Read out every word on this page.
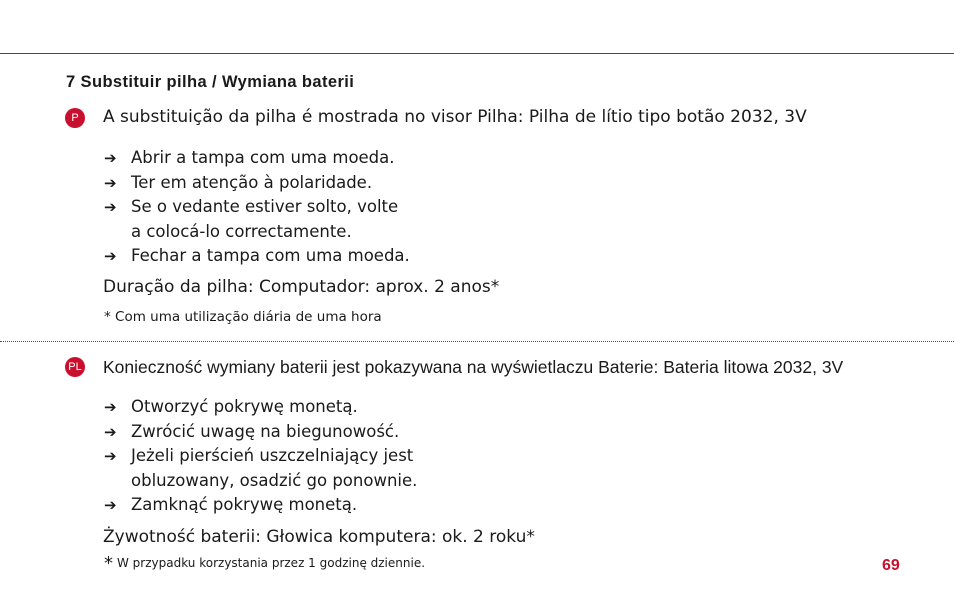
7 Substituir pilha / Wymiana baterii
P	A substituição da pilha é mostrada no visor Pilha: Pilha de lítio tipo botão 2032, 3V
➔ Abrir a tampa com uma moeda.
➔ Ter em atenção à polaridade.
➔ Se o vedante estiver solto, volte
a colocá-lo correctamente.
➔ Fechar a tampa com uma moeda.
Duração da pilha: Computador: aprox. 2 anos*
* Com uma utilização diária de uma hora
PL Konieczność wymiany baterii jest pokazywana na wyświetlaczu Baterie: Bateria litowa 2032, 3V
➔ Otworzyć pokrywę monetą.
➔ Zwrócić uwagę na biegunowość.
➔ Jeżeli pierścień uszczelniający jest
obluzowany, osadzić go ponownie.
➔ Zamknąć pokrywę monetą.
Żywotność baterii: Głowica komputera: ok. 2 roku*
* W przypadku korzystania przez 1 godzinę dziennie.	69
